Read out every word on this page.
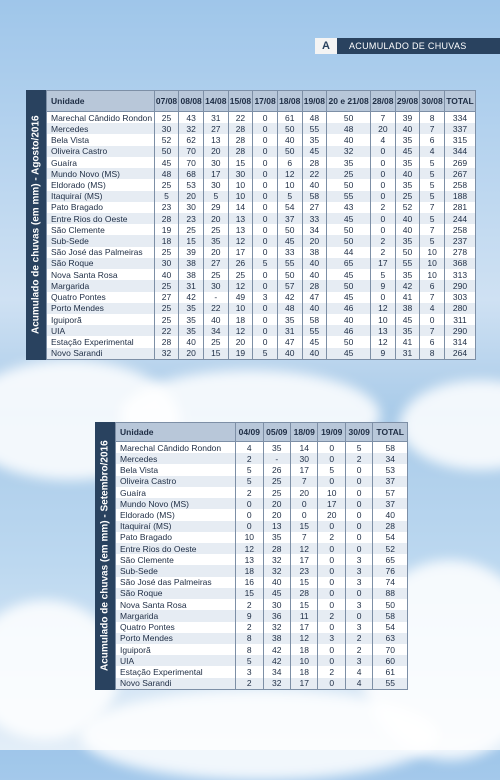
A	ACUMULADO DE CHUVAS
Acumulado de chuvas (em mm) - Agosto/2016
Unidade	07/08	08/08	14/08	15/08	17/08	18/08	19/08	20 e 21/08	28/08	29/08	30/08	TOTAL
Marechal Cândido Rondon	25	43	31	22	0	61	48	50	7	39	8	334
Mercedes	30	32	27	28	0	50	55	48	20	40	7	337
Bela Vista	52	62	13	28	0	40	35	40	4	35	6	315
Oliveira Castro	50	70	20	28	0	50	45	32	0	45	4	344
Guaíra	45	70	30	15	0	6	28	35	0	35	5	269
Mundo Novo (MS)	48	68	17	30	0	12	22	25	0	40	5	267
Eldorado (MS)	25	53	30	10	0	10	40	50	0	35	5	258
Itaquiraí (MS)	5	20	5	10	0	5	58	55	0	25	5	188
Pato Bragado	23	30	29	14	0	54	27	43	2	52	7	281
Entre Rios do Oeste	28	23	20	13	0	37	33	45	0	40	5	244
São Clemente	19	25	25	13	0	50	34	50	0	40	7	258
Sub-Sede	18	15	35	12	0	45	20	50	2	35	5	237
São José das Palmeiras	25	39	20	17	0	33	38	44	2	50	10	278
São Roque	30	38	27	26	5	55	40	65	17	55	10	368
Nova Santa Rosa	40	38	25	25	0	50	40	45	5	35	10	313
Margarida	25	31	30	12	0	57	28	50	9	42	6	290
Quatro Pontes	27	42	-	49	3	42	47	45	0	41	7	303
Porto Mendes	25	35	22	10	0	48	40	46	12	38	4	280
Iguiporã	25	35	40	18	0	35	58	40	10	45	0	311
UIA	22	35	34	12	0	31	55	46	13	35	7	290
Estação Experimental	28	40	25	20	0	47	45	50	12	41	6	314
Novo Sarandi	32	20	15	19	5	40	40	45	9	31	8	264
Acumulado de chuvas (em mm) - Setembro/2016
Unidade	04/09	05/09	18/09	19/09	30/09	TOTAL
Marechal Cândido Rondon	4	35	14	0	5	58
Mercedes	2	-	30	0	2	34
Bela Vista	5	26	17	5	0	53
Oliveira Castro	5	25	7	0	0	37
Guaíra	2	25	20	10	0	57
Mundo Novo (MS)	0	20	0	17	0	37
Eldorado (MS)	0	20	0	20	0	40
Itaquiraí (MS)	0	13	15	0	0	28
Pato Bragado	10	35	7	2	0	54
Entre Rios do Oeste	12	28	12	0	0	52
São Clemente	13	32	17	0	3	65
Sub-Sede	18	32	23	0	3	76
São José das Palmeiras	16	40	15	0	3	74
São Roque	15	45	28	0	0	88
Nova Santa Rosa	2	30	15	0	3	50
Margarida	9	36	11	2	0	58
Quatro Pontes	2	32	17	0	3	54
Porto Mendes	8	38	12	3	2	63
Iguiporã	8	42	18	0	2	70
UIA	5	42	10	0	3	60
Estação Experimental	3	34	18	2	4	61
Novo Sarandi	2	32	17	0	4	55
